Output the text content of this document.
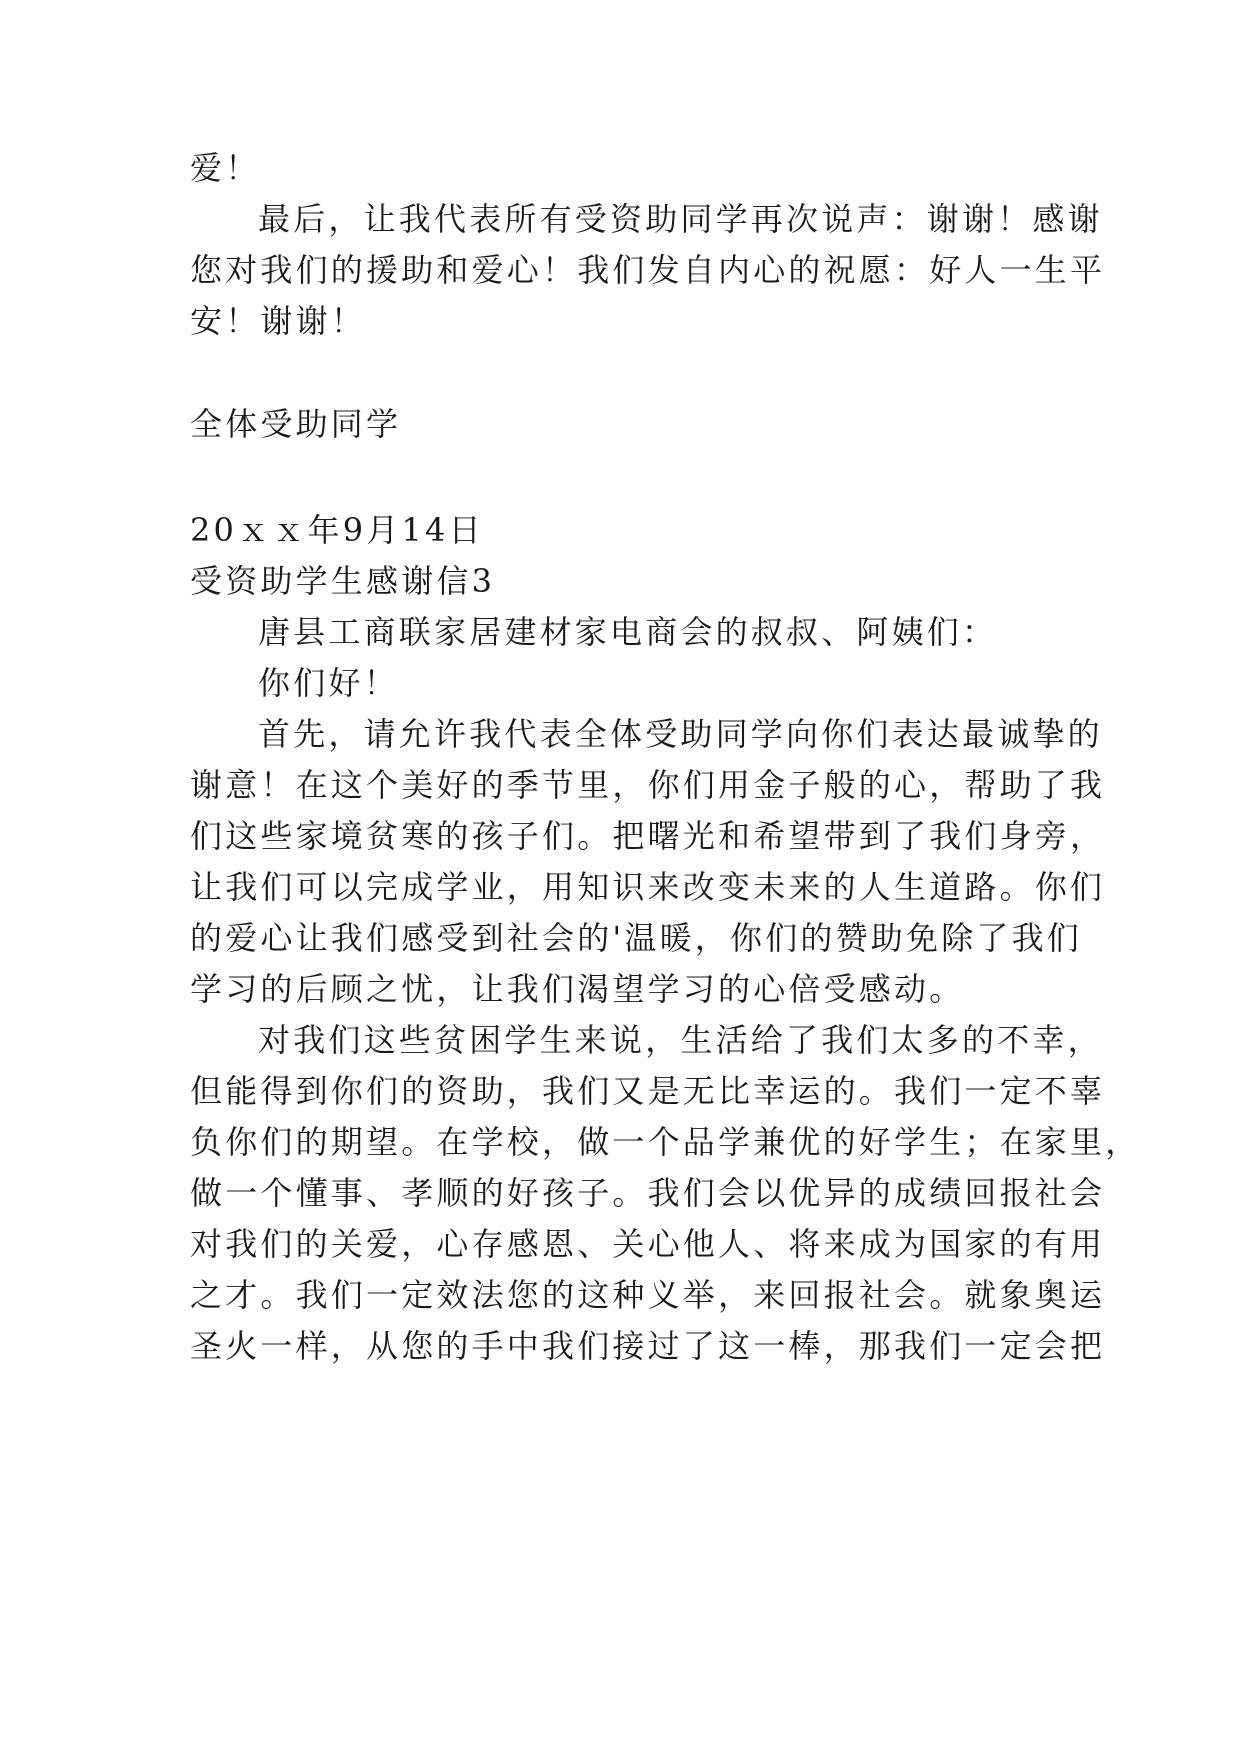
爱！
最后，让我代表所有受资助同学再次说声：谢谢！感谢
您对我们的援助和爱心！我们发自内心的祝愿：好人一生平
安！谢谢！
全体受助同学
20ｘｘ年9月14日
受资助学生感谢信3
唐县工商联家居建材家电商会的叔叔、阿姨们：
你们好！
首先，请允许我代表全体受助同学向你们表达最诚挚的
谢意！在这个美好的季节里，你们用金子般的心，帮助了我
们这些家境贫寒的孩子们。把曙光和希望带到了我们身旁，
让我们可以完成学业，用知识来改变未来的人生道路。你们
的爱心让我们感受到社会的'温暖，你们的赞助免除了我们
学习的后顾之忧，让我们渴望学习的心倍受感动。
对我们这些贫困学生来说，生活给了我们太多的不幸，
但能得到你们的资助，我们又是无比幸运的。我们一定不辜
负你们的期望。在学校，做一个品学兼优的好学生；在家里，
做一个懂事、孝顺的好孩子。我们会以优异的成绩回报社会
对我们的关爱，心存感恩、关心他人、将来成为国家的有用
之才。我们一定效法您的这种义举，来回报社会。就象奥运
圣火一样，从您的手中我们接过了这一棒，那我们一定会把
